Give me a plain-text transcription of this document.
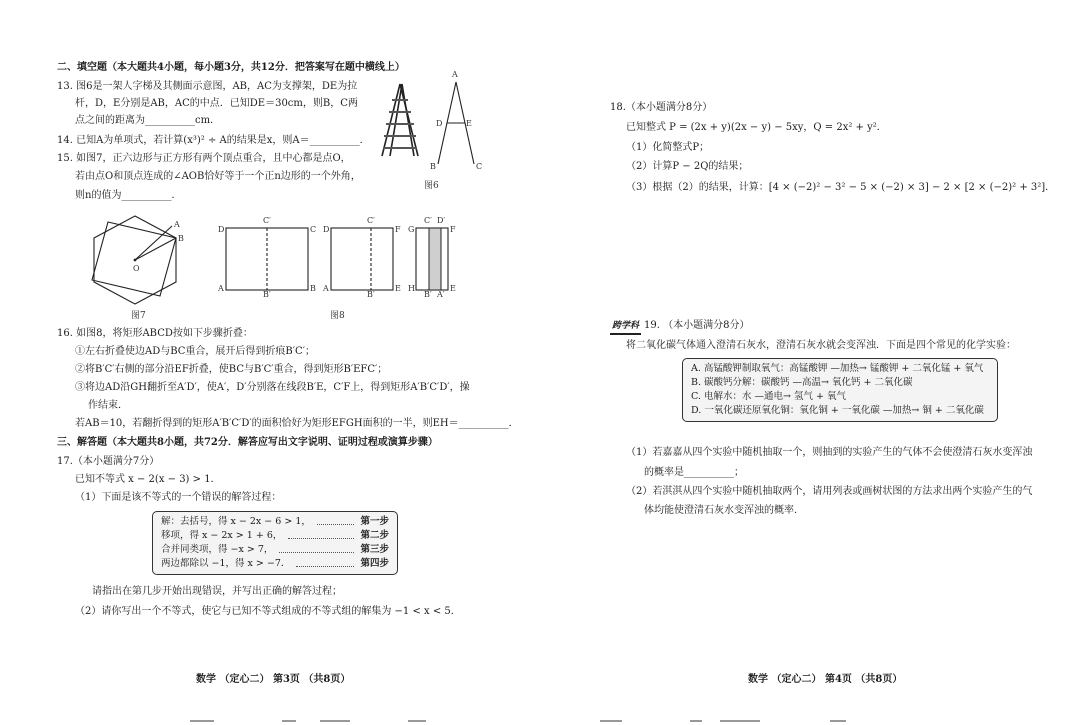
二、填空题（本大题共4小题，每小题3分，共12分．把答案写在题中横线上）
13. 图6是一架人字梯及其侧面示意图，AB，AC为支撑架，DE为拉
杆，D，E分别是AB，AC的中点．已知DE＝30cm，则B，C两
点之间的距离为__________cm．
14. 已知A为单项式，若计算(x³)² ÷ A的结果是x，则A＝__________．
15. 如图7，正六边形与正方形有两个顶点重合，且中心都是点O，
若由点O和顶点连成的∠AOB恰好等于一个正n边形的一个外角，
则n的值为__________．
A
D	E
B	C
图6
A
B
O
图7
D
C′
C
A
B′
B
D
C′
F
A
B′
E
G
C′ D′
F
H
B′ A′
E
图8
16. 如图8，将矩形ABCD按如下步骤折叠：
①左右折叠使边AD与BC重合，展开后得到折痕B′C′；
②将B′C′右侧的部分沿EF折叠，使BC与B′C′重合，得到矩形B′EFC′；
③将边AD沿GH翻折至A′D′，使A′，D′分别落在线段B′E，C′F上，得到矩形A′B′C′D′，操
作结束．
若AB＝10，若翻折得到的矩形A′B′C′D′的面积恰好为矩形EFGH面积的一半，则EH＝__________．
三、解答题（本大题共8小题，共72分．解答应写出文字说明、证明过程或演算步骤）
17.（本小题满分7分）
已知不等式 x − 2(x − 3) > 1．
（1）下面是该不等式的一个错误的解答过程：
解：去括号，得 x − 2x − 6 > 1，	第一步
移项，得 x − 2x > 1 + 6，	第二步
合并同类项，得 −x > 7，	第三步
两边都除以 −1，得 x > −7．	第四步
请指出在第几步开始出现错误，并写出正确的解答过程；
（2）请你写出一个不等式，使它与已知不等式组成的不等式组的解集为 −1 < x < 5．
数学 （定心二） 第3页 （共8页）
18.（本小题满分8分）
已知整式 P = (2x + y)(2x − y) − 5xy，Q = 2x² + y²．
（1）化简整式P；
（2）计算P − 2Q的结果；
（3）根据（2）的结果，计算：[4 × (−2)² − 3² − 5 × (−2) × 3] − 2 × [2 × (−2)² + 3²]．
跨学科 19. （本小题满分8分）
将二氧化碳气体通入澄清石灰水，澄清石灰水就会变浑浊．下面是四个常见的化学实验：
A. 高锰酸钾制取氧气：高锰酸钾 —加热→ 锰酸钾 + 二氧化锰 + 氧气
B. 碳酸钙分解：碳酸钙 —高温→ 氧化钙 + 二氧化碳
C. 电解水：水 —通电→ 氢气 + 氧气
D. 一氧化碳还原氧化铜：氧化铜 + 一氧化碳 —加热→ 铜 + 二氧化碳
（1）若嘉嘉从四个实验中随机抽取一个，则抽到的实验产生的气体不会使澄清石灰水变浑浊
的概率是__________；
（2）若淇淇从四个实验中随机抽取两个，请用列表或画树状图的方法求出两个实验产生的气
体均能使澄清石灰水变浑浊的概率．
数学 （定心二） 第4页 （共8页）
